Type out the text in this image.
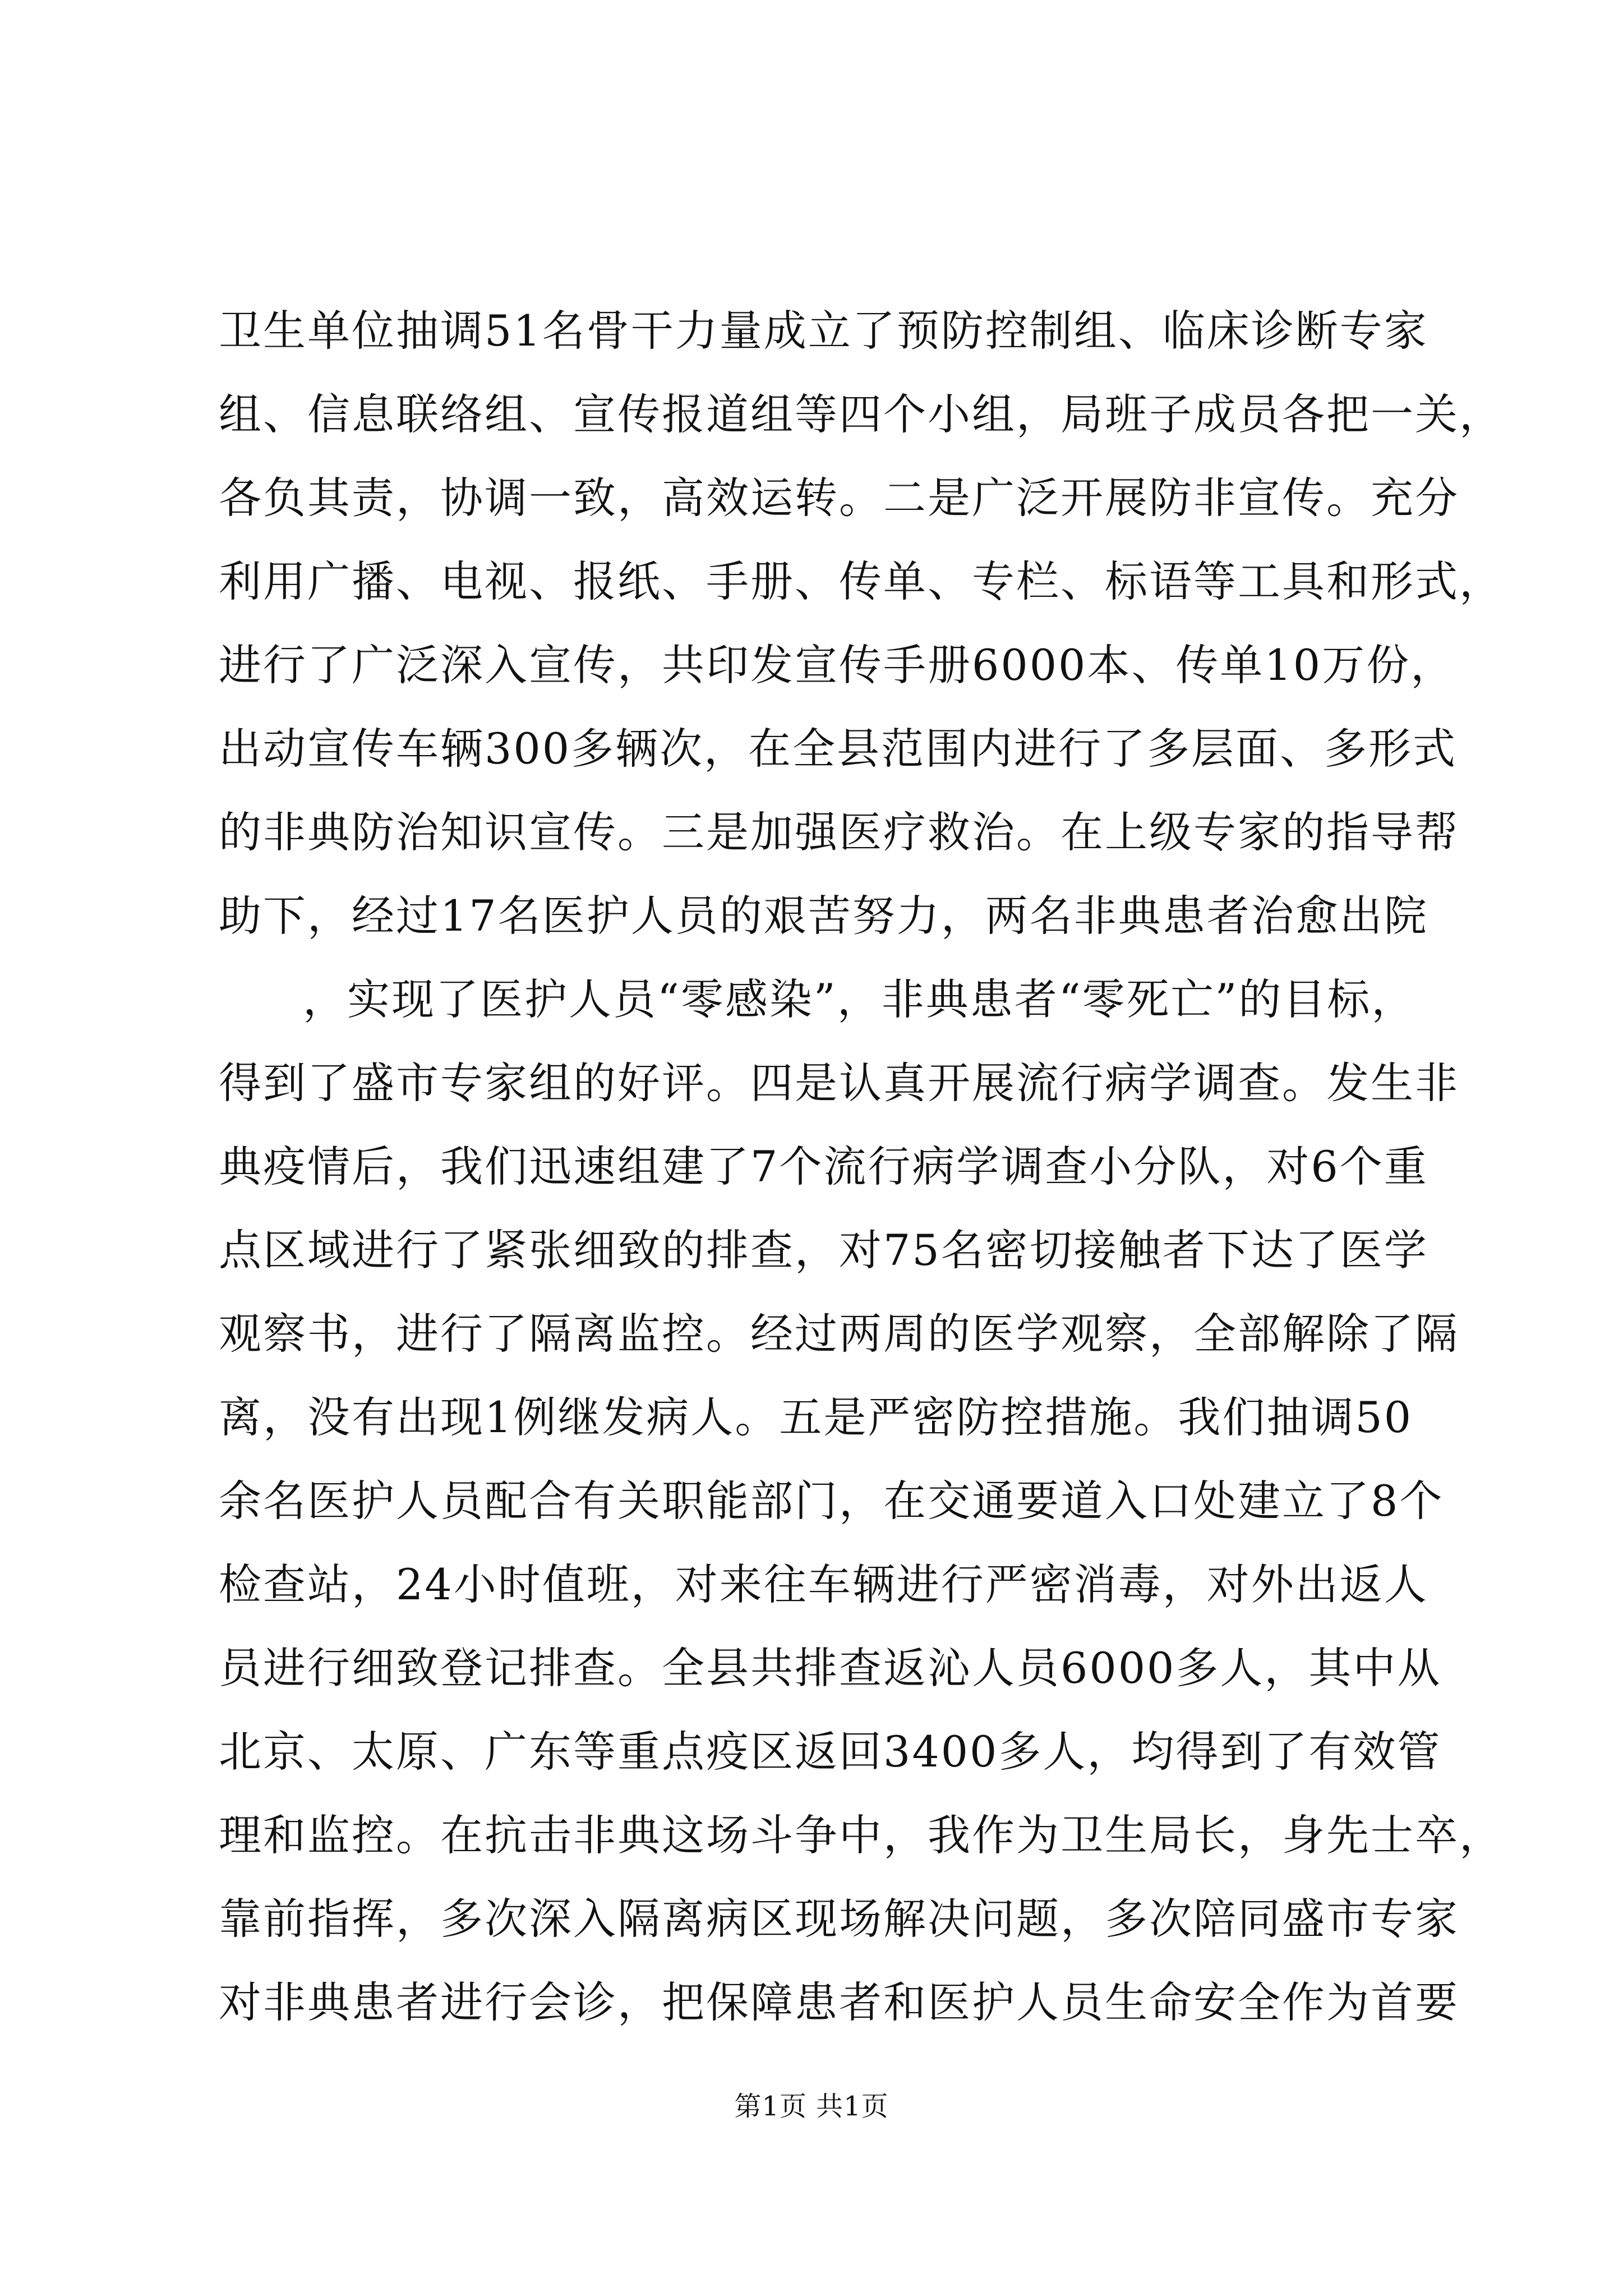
卫生单位抽调51名骨干力量成立了预防控制组、临床诊断专家
组、信息联络组、宣传报道组等四个小组，局班子成员各把一关，
各负其责，协调一致，高效运转。二是广泛开展防非宣传。充分
利用广播、电视、报纸、手册、传单、专栏、标语等工具和形式，
进行了广泛深入宣传，共印发宣传手册6000本、传单10万份，
出动宣传车辆300多辆次，在全县范围内进行了多层面、多形式
的非典防治知识宣传。三是加强医疗救治。在上级专家的指导帮
助下，经过17名医护人员的艰苦努力，两名非典患者治愈出院
，实现了医护人员“零感染”，非典患者“零死亡”的目标，
得到了盛市专家组的好评。四是认真开展流行病学调查。发生非
典疫情后，我们迅速组建了7个流行病学调查小分队，对6个重
点区域进行了紧张细致的排查，对75名密切接触者下达了医学
观察书，进行了隔离监控。经过两周的医学观察，全部解除了隔
离，没有出现1例继发病人。五是严密防控措施。我们抽调50
余名医护人员配合有关职能部门，在交通要道入口处建立了8个
检查站，24小时值班，对来往车辆进行严密消毒，对外出返人
员进行细致登记排查。全县共排查返沁人员6000多人，其中从
北京、太原、广东等重点疫区返回3400多人，均得到了有效管
理和监控。在抗击非典这场斗争中，我作为卫生局长，身先士卒，
靠前指挥，多次深入隔离病区现场解决问题，多次陪同盛市专家
对非典患者进行会诊，把保障患者和医护人员生命安全作为首要
第1页 共1页
